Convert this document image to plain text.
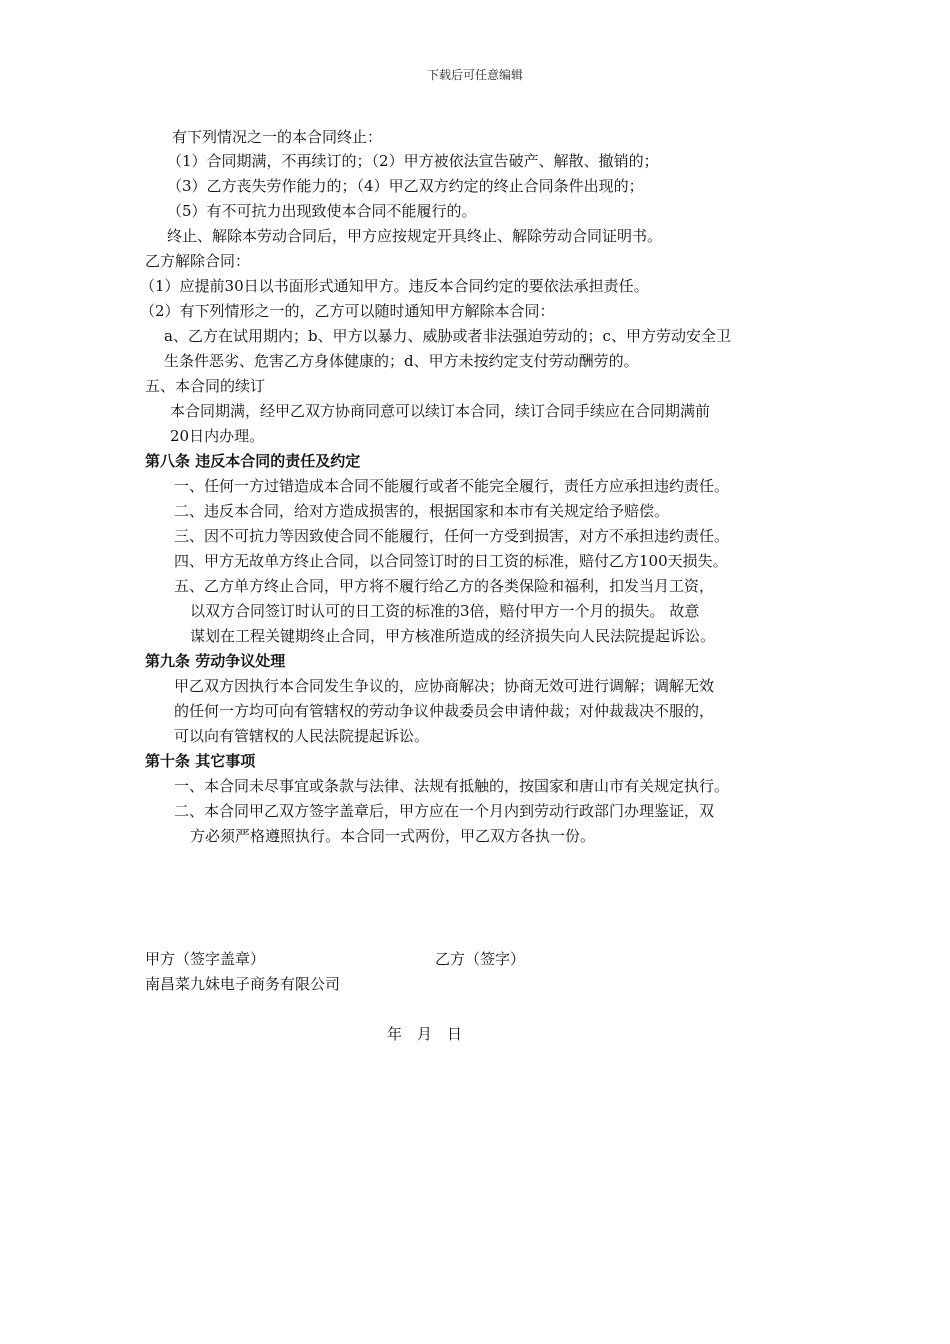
下载后可任意编辑
有下列情况之一的本合同终止：
（1）合同期满，不再续订的；（2）甲方被依法宣告破产、解散、撤销的；
（3）乙方丧失劳作能力的；（4）甲乙双方约定的终止合同条件出现的；
（5）有不可抗力出现致使本合同不能履行的。
终止、解除本劳动合同后，甲方应按规定开具终止、解除劳动合同证明书。
乙方解除合同：
（1）应提前30日以书面形式通知甲方。违反本合同约定的要依法承担责任。
（2）有下列情形之一的，乙方可以随时通知甲方解除本合同：
a、乙方在试用期内；b、甲方以暴力、威胁或者非法强迫劳动的；c、甲方劳动安全卫
生条件恶劣、危害乙方身体健康的；d、甲方未按约定支付劳动酬劳的。
五、本合同的续订
本合同期满，经甲乙双方协商同意可以续订本合同，续订合同手续应在合同期满前
20日内办理。
第八条 违反本合同的责任及约定
一、任何一方过错造成本合同不能履行或者不能完全履行，责任方应承担违约责任。
二、违反本合同，给对方造成损害的，根据国家和本市有关规定给予赔偿。
三、因不可抗力等因致使合同不能履行，任何一方受到损害，对方不承担违约责任。
四、甲方无故单方终止合同，以合同签订时的日工资的标准，赔付乙方100天损失。
五、乙方单方终止合同，甲方将不履行给乙方的各类保险和福利，扣发当月工资，
以双方合同签订时认可的日工资的标准的3倍，赔付甲方一个月的损失。 故意
谋划在工程关键期终止合同，甲方核准所造成的经济损失向人民法院提起诉讼。
第九条 劳动争议处理
甲乙双方因执行本合同发生争议的，应协商解决；协商无效可进行调解；调解无效
的任何一方均可向有管辖权的劳动争议仲裁委员会申请仲裁；对仲裁裁决不服的，
可以向有管辖权的人民法院提起诉讼。
第十条 其它事项
一、本合同未尽事宜或条款与法律、法规有抵触的，按国家和唐山市有关规定执行。
二、本合同甲乙双方签字盖章后，甲方应在一个月内到劳动行政部门办理鉴证，双
方必须严格遵照执行。本合同一式两份，甲乙双方各执一份。
甲方（签字盖章）	乙方（签字）
南昌菜九妹电子商务有限公司
年　月　日
